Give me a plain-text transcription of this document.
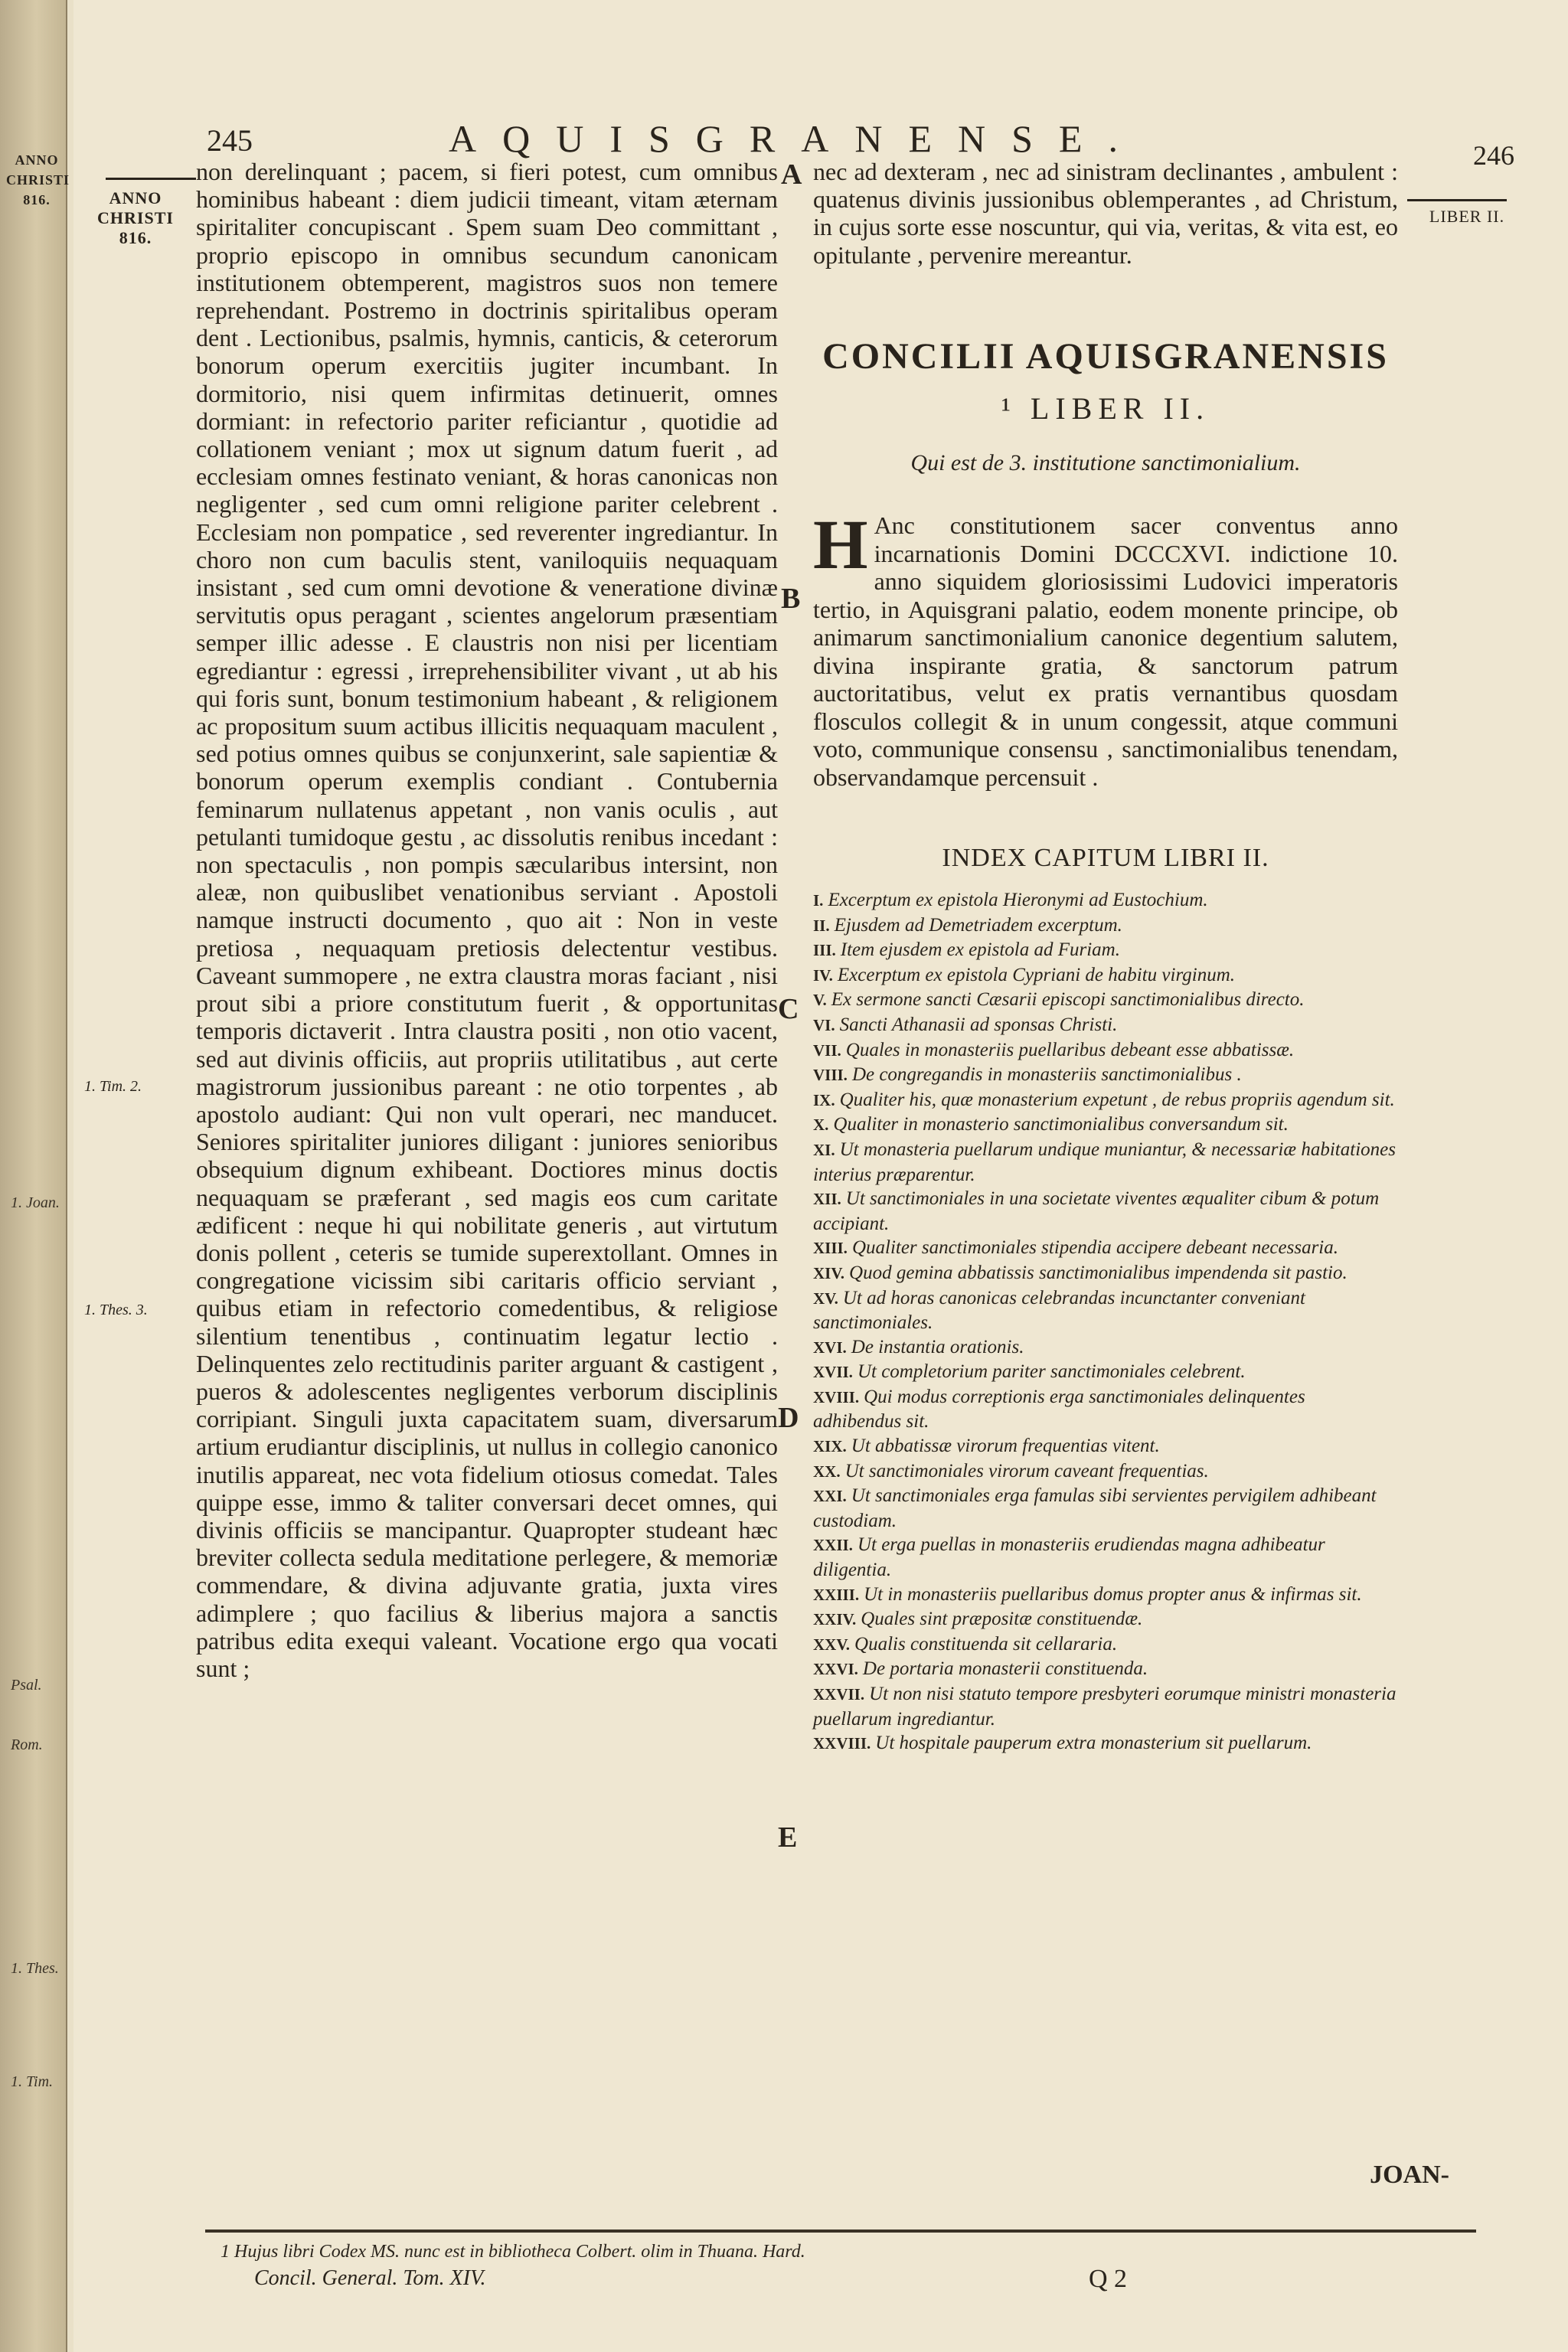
ANNO CHRISTI 816.
1. Joan.
Psal.
Rom.
1. Thes.
1. Tim.
245	AQUISGRANENSE.	246
ANNO
CHRISTI
816.
LIBER II.
1. Tim. 2.
1. Thes. 3.
non derelinquant ; pacem, si fieri potest, cum omnibus hominibus habeant : diem judicii timeant, vitam æternam spiritaliter concupiscant . Spem suam Deo committant , proprio episcopo in omnibus secundum canonicam institutionem obtemperent, magistros suos non temere reprehendant. Postremo in doctrinis spiritalibus operam dent . Lectionibus, psalmis, hymnis, canticis, & ceterorum bonorum operum exercitiis jugiter incumbant. In dormitorio, nisi quem infirmitas detinuerit, omnes dormiant: in refectorio pariter reficiantur , quotidie ad collationem veniant ; mox ut signum datum fuerit , ad ecclesiam omnes festinato veniant, & horas canonicas non negligenter , sed cum omni religione pariter celebrent . Ecclesiam non pompatice , sed reverenter ingrediantur. In choro non cum baculis stent, vaniloquiis nequaquam insistant , sed cum omni devotione & veneratione divinæ servitutis opus peragant , scientes angelorum præsentiam semper illic adesse . E claustris non nisi per licentiam egrediantur : egressi , irreprehensibiliter vivant , ut ab his qui foris sunt, bonum testimonium habeant , & religionem ac propositum suum actibus illicitis nequaquam maculent , sed potius omnes quibus se conjunxerint, sale sapientiæ & bonorum operum exemplis condiant . Contubernia feminarum nullatenus appetant , non vanis oculis , aut petulanti tumidoque gestu , ac dissolutis renibus incedant : non spectaculis , non pompis sæcularibus intersint, non aleæ, non quibuslibet venationibus serviant . Apostoli namque instructi documento , quo ait : Non in veste pretiosa , nequaquam pretiosis delectentur vestibus. Caveant summopere , ne extra claustra moras faciant , nisi prout sibi a priore constitutum fuerit , & opportunitas temporis dictaverit . Intra claustra positi , non otio vacent, sed aut divinis officiis, aut propriis utilitatibus , aut certe magistrorum jussionibus pareant : ne otio torpentes , ab apostolo audiant: Qui non vult operari, nec manducet. Seniores spiritaliter juniores diligant : juniores senioribus obsequium dignum exhibeant. Doctiores minus doctis nequaquam se præferant , sed magis eos cum caritate ædificent : neque hi qui nobilitate generis , aut virtutum donis pollent , ceteris se tumide superextollant. Omnes in congregatione vicissim sibi caritaris officio serviant , quibus etiam in refectorio comedentibus, & religiose silentium tenentibus , continuatim legatur lectio . Delinquentes zelo rectitudinis pariter arguant & castigent , pueros & adolescentes negligentes verborum disciplinis corripiant. Singuli juxta capacitatem suam, diversarum artium erudiantur disciplinis, ut nullus in collegio canonico inutilis appareat, nec vota fidelium otiosus comedat. Tales quippe esse, immo & taliter conversari decet omnes, qui divinis officiis se mancipantur. Quapropter studeant hæc breviter collecta sedula meditatione perlegere, & memoriæ commendare, & divina adjuvante gratia, juxta vires adimplere ; quo facilius & liberius majora a sanctis patribus edita exequi valeant. Vocatione ergo qua vocati sunt ;
A
B
C
D
E
nec ad dexteram , nec ad sinistram declinantes , ambulent : quatenus divinis jussionibus oblemperantes , ad Christum, in cujus sorte esse noscuntur, qui via, veritas, & vita est, eo opitulante , pervenire mereantur.
CONCILII AQUISGRANENSIS
¹ LIBER II.
Qui est de 3. institutione sanctimonialium.
H Anc constitutionem sacer conventus anno incarnationis Domini DCCCXVI. indictione 10. anno siquidem gloriosissimi Ludovici imperatoris tertio, in Aquisgrani palatio, eodem monente principe, ob animarum sanctimonialium canonice degentium salutem, divina inspirante gratia, & sanctorum patrum auctoritatibus, velut ex pratis vernantibus quosdam flosculos collegit & in unum congessit, atque communi voto, communique consensu , sanctimonialibus tenendam, observandamque percensuit .
INDEX CAPITUM LIBRI II.
I. Excerptum ex epistola Hieronymi ad Eustochium.
II. Ejusdem ad Demetriadem excerptum.
III. Item ejusdem ex epistola ad Furiam.
IV. Excerptum ex epistola Cypriani de habitu virginum.
V. Ex sermone sancti Cæsarii episcopi sanctimonialibus directo.
VI. Sancti Athanasii ad sponsas Christi.
VII. Quales in monasteriis puellaribus debeant esse abbatissæ.
VIII. De congregandis in monasteriis sanctimonialibus .
IX. Qualiter his, quæ monasterium expetunt , de rebus propriis agendum sit.
X. Qualiter in monasterio sanctimonialibus conversandum sit.
XI. Ut monasteria puellarum undique muniantur, & necessariæ habitationes interius præparentur.
XII. Ut sanctimoniales in una societate viventes æqualiter cibum & potum accipiant.
XIII. Qualiter sanctimoniales stipendia accipere debeant necessaria.
XIV. Quod gemina abbatissis sanctimonialibus impendenda sit pastio.
XV. Ut ad horas canonicas celebrandas incunctanter conveniant sanctimoniales.
XVI. De instantia orationis.
XVII. Ut completorium pariter sanctimoniales celebrent.
XVIII. Qui modus correptionis erga sanctimoniales delinquentes adhibendus sit.
XIX. Ut abbatissæ virorum frequentias vitent.
XX. Ut sanctimoniales virorum caveant frequentias.
XXI. Ut sanctimoniales erga famulas sibi servientes pervigilem adhibeant custodiam.
XXII. Ut erga puellas in monasteriis erudiendas magna adhibeatur diligentia.
XXIII. Ut in monasteriis puellaribus domus propter anus & infirmas sit.
XXIV. Quales sint præpositæ constituendæ.
XXV. Qualis constituenda sit cellararia.
XXVI. De portaria monasterii constituenda.
XXVII. Ut non nisi statuto tempore presbyteri eorumque ministri monasteria puellarum ingrediantur.
XXVIII. Ut hospitale pauperum extra monasterium sit puellarum.
JOAN-
1 Hujus libri Codex MS. nunc est in bibliotheca Colbert. olim in Thuana. Hard.
Concil. General. Tom. XIV.	Q 2
